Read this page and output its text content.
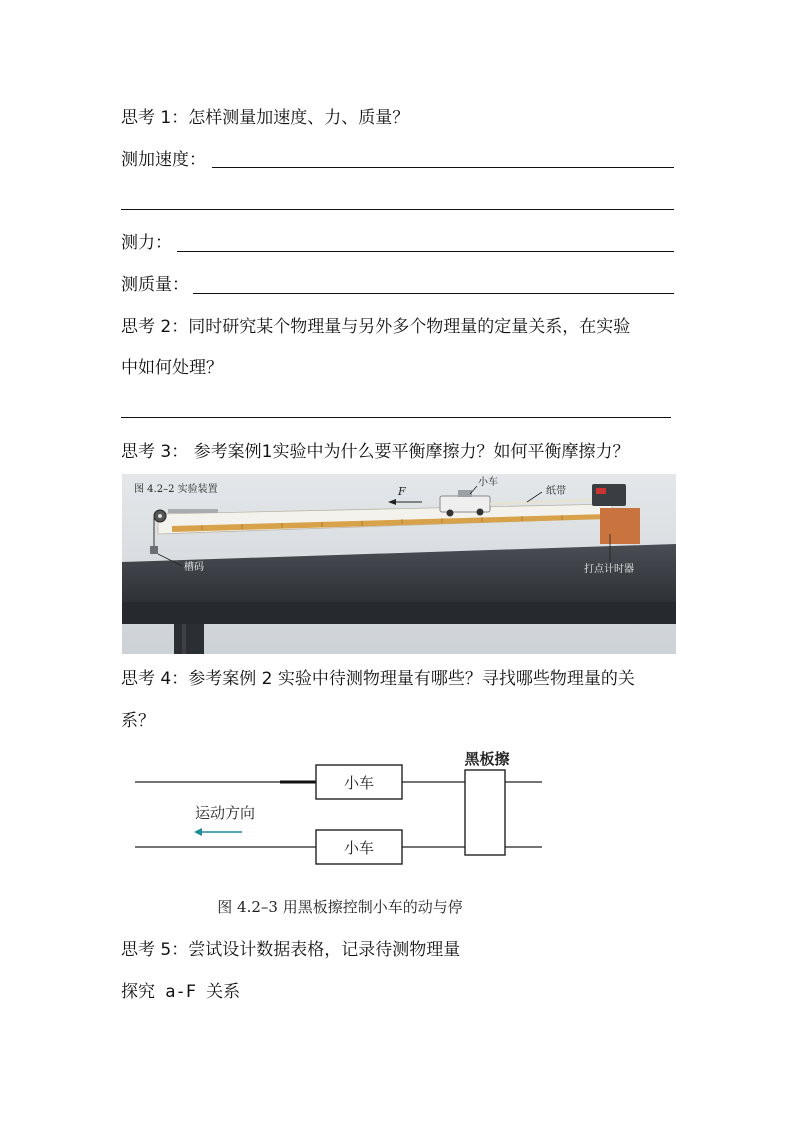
思考 1：怎样测量加速度、力、质量？
测加速度：
测力：
测质量：
思考 2：同时研究某个物理量与另外多个物理量的定量关系，在实验
中如何处理？
思考 3： 参考案例1实验中为什么要平衡摩擦力？如何平衡摩擦力？
图 4.2–2 实验装置	F
小车
纸带
槽码	打点计时器
思考 4：参考案例 2 实验中待测物理量有哪些？寻找哪些物理量的关
系？
小车
小车
黑板擦
运动方向
图 4.2–3 用黑板擦控制小车的动与停
思考 5：尝试设计数据表格，记录待测物理量
探究 a-F 关系
